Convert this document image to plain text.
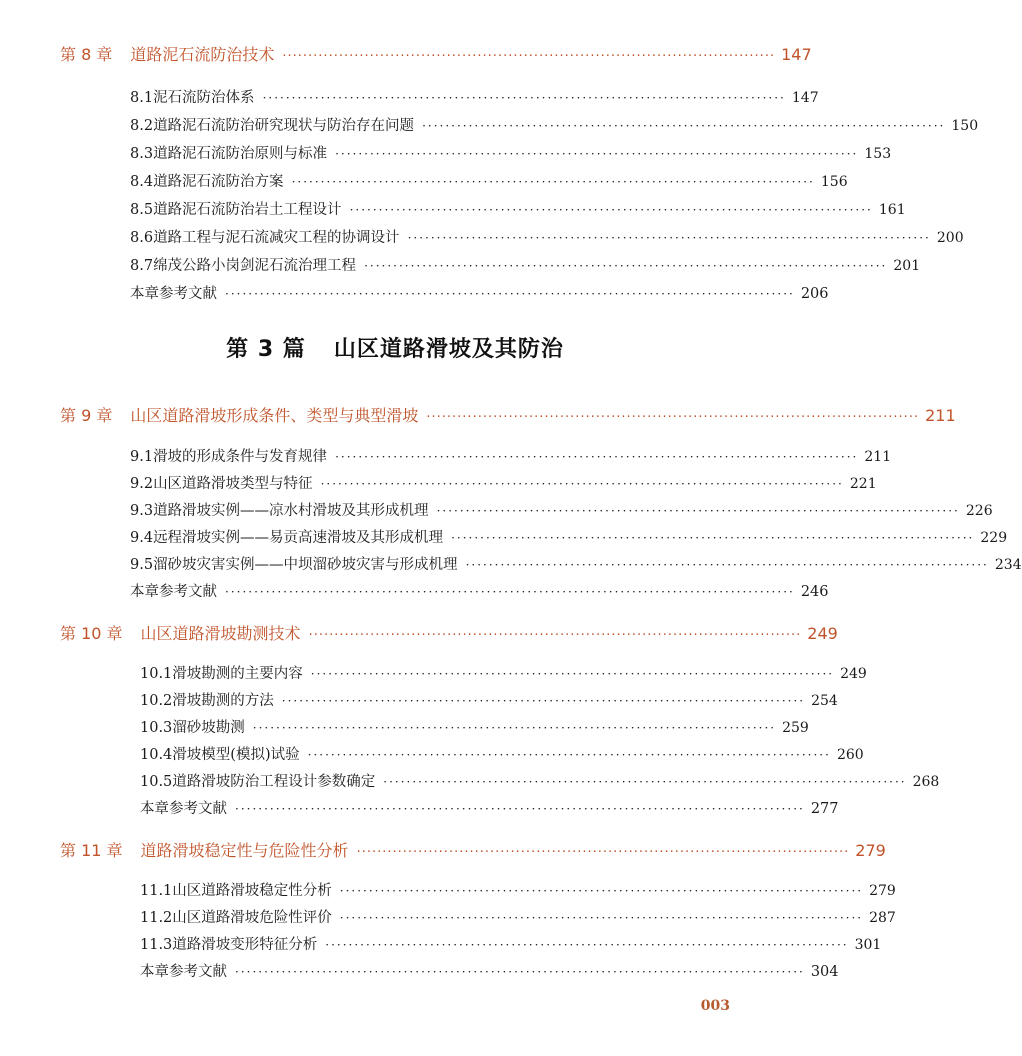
第 8 章 道路泥石流防治技术 ································································································ 147
8.1 泥石流防治体系 ·························································································· 147
8.2 道路泥石流防治研究现状与防治存在问题 ·························································································· 150
8.3 道路泥石流防治原则与标准 ·························································································· 153
8.4 道路泥石流防治方案 ·························································································· 156
8.5 道路泥石流防治岩土工程设计 ·························································································· 161
8.6 道路工程与泥石流减灾工程的协调设计 ·························································································· 200
8.7 绵茂公路小岗剑泥石流治理工程 ·························································································· 201
本章参考文献 ·································································································· 206
第 3 篇 山区道路滑坡及其防治
第 9 章 山区道路滑坡形成条件、类型与典型滑坡 ································································································ 211
9.1 滑坡的形成条件与发育规律 ·························································································· 211
9.2 山区道路滑坡类型与特征 ·························································································· 221
9.3 道路滑坡实例——凉水村滑坡及其形成机理 ·························································································· 226
9.4 远程滑坡实例——易贡高速滑坡及其形成机理 ·························································································· 229
9.5 溜砂坡灾害实例——中坝溜砂坡灾害与形成机理 ·························································································· 234
本章参考文献 ·································································································· 246
第 10 章 山区道路滑坡勘测技术 ································································································ 249
10.1 滑坡勘测的主要内容 ·························································································· 249
10.2 滑坡勘测的方法 ·························································································· 254
10.3 溜砂坡勘测 ·························································································· 259
10.4 滑坡模型(模拟)试验 ·························································································· 260
10.5 道路滑坡防治工程设计参数确定 ·························································································· 268
本章参考文献 ·································································································· 277
第 11 章 道路滑坡稳定性与危险性分析 ································································································ 279
11.1 山区道路滑坡稳定性分析 ·························································································· 279
11.2 山区道路滑坡危险性评价 ·························································································· 287
11.3 道路滑坡变形特征分析 ·························································································· 301
本章参考文献 ·································································································· 304
003
